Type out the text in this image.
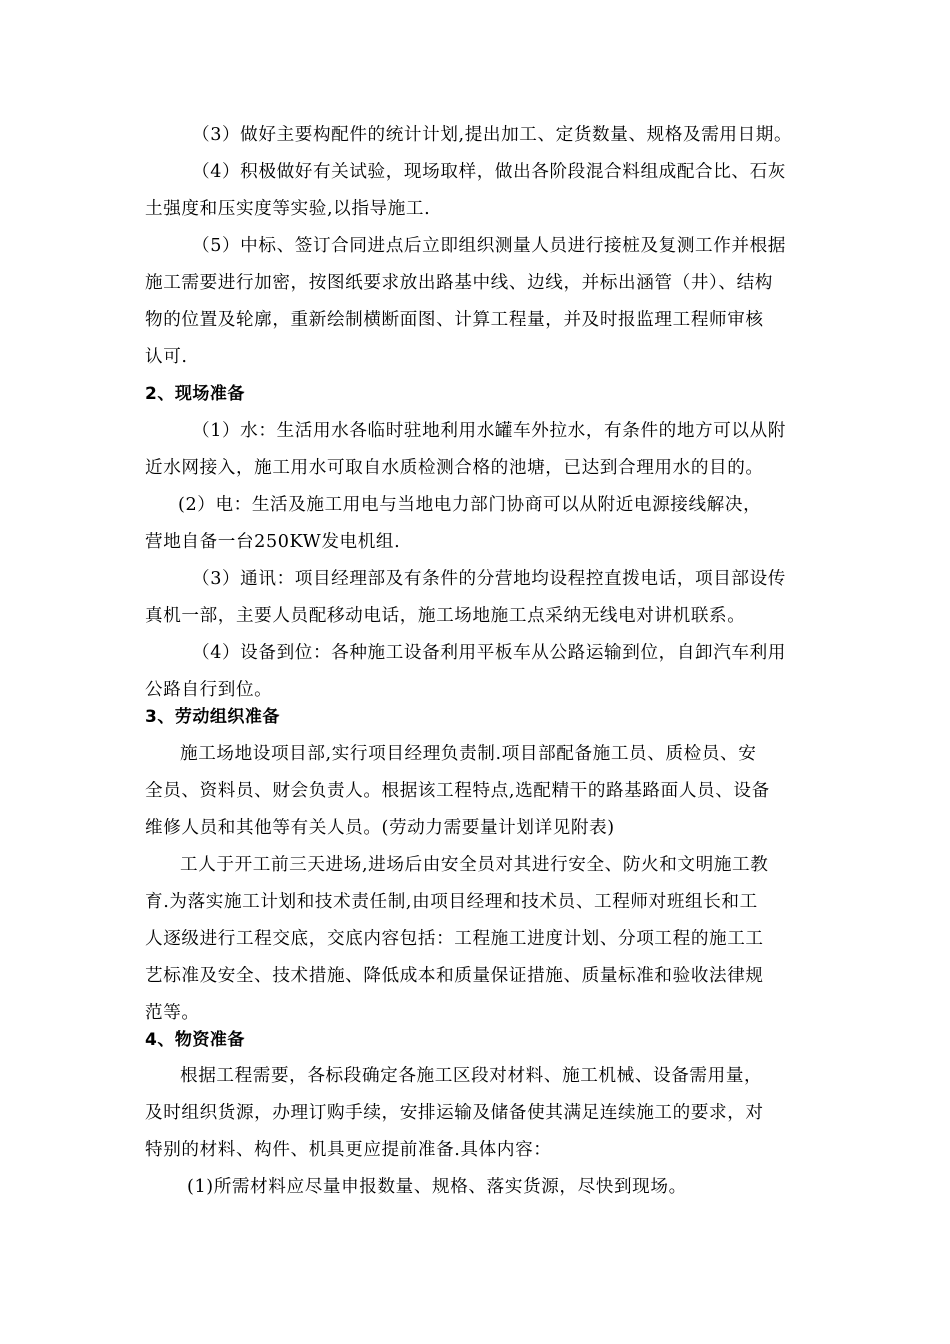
（3）做好主要构配件的统计计划,提出加工、定货数量、规格及需用日期。
（4）积极做好有关试验，现场取样，做出各阶段混合料组成配合比、石灰
土强度和压实度等实验,以指导施工.
（5）中标、签订合同进点后立即组织测量人员进行接桩及复测工作并根据
施工需要进行加密，按图纸要求放出路基中线、边线，并标出涵管（井）、结构
物的位置及轮廓，重新绘制横断面图、计算工程量，并及时报监理工程师审核
认可.
2、现场准备
（1）水：生活用水各临时驻地利用水罐车外拉水，有条件的地方可以从附
近水网接入，施工用水可取自水质检测合格的池塘，已达到合理用水的目的。
(2）电：生活及施工用电与当地电力部门协商可以从附近电源接线解决，
营地自备一台250KW发电机组.
（3）通讯：项目经理部及有条件的分营地均设程控直拨电话，项目部设传
真机一部，主要人员配移动电话，施工场地施工点采纳无线电对讲机联系。
（4）设备到位：各种施工设备利用平板车从公路运输到位，自卸汽车利用
公路自行到位。
3、劳动组织准备
施工场地设项目部,实行项目经理负责制.项目部配备施工员、质检员、安
全员、资料员、财会负责人。根据该工程特点,选配精干的路基路面人员、设备
维修人员和其他等有关人员。(劳动力需要量计划详见附表)
工人于开工前三天进场,进场后由安全员对其进行安全、防火和文明施工教
育.为落实施工计划和技术责任制,由项目经理和技术员、工程师对班组长和工
人逐级进行工程交底，交底内容包括：工程施工进度计划、分项工程的施工工
艺标准及安全、技术措施、降低成本和质量保证措施、质量标准和验收法律规
范等。
4、物资准备
根据工程需要，各标段确定各施工区段对材料、施工机械、设备需用量，
及时组织货源，办理订购手续，安排运输及储备使其满足连续施工的要求，对
特别的材料、构件、机具更应提前准备.具体内容：
(1)所需材料应尽量申报数量、规格、落实货源，尽快到现场。
